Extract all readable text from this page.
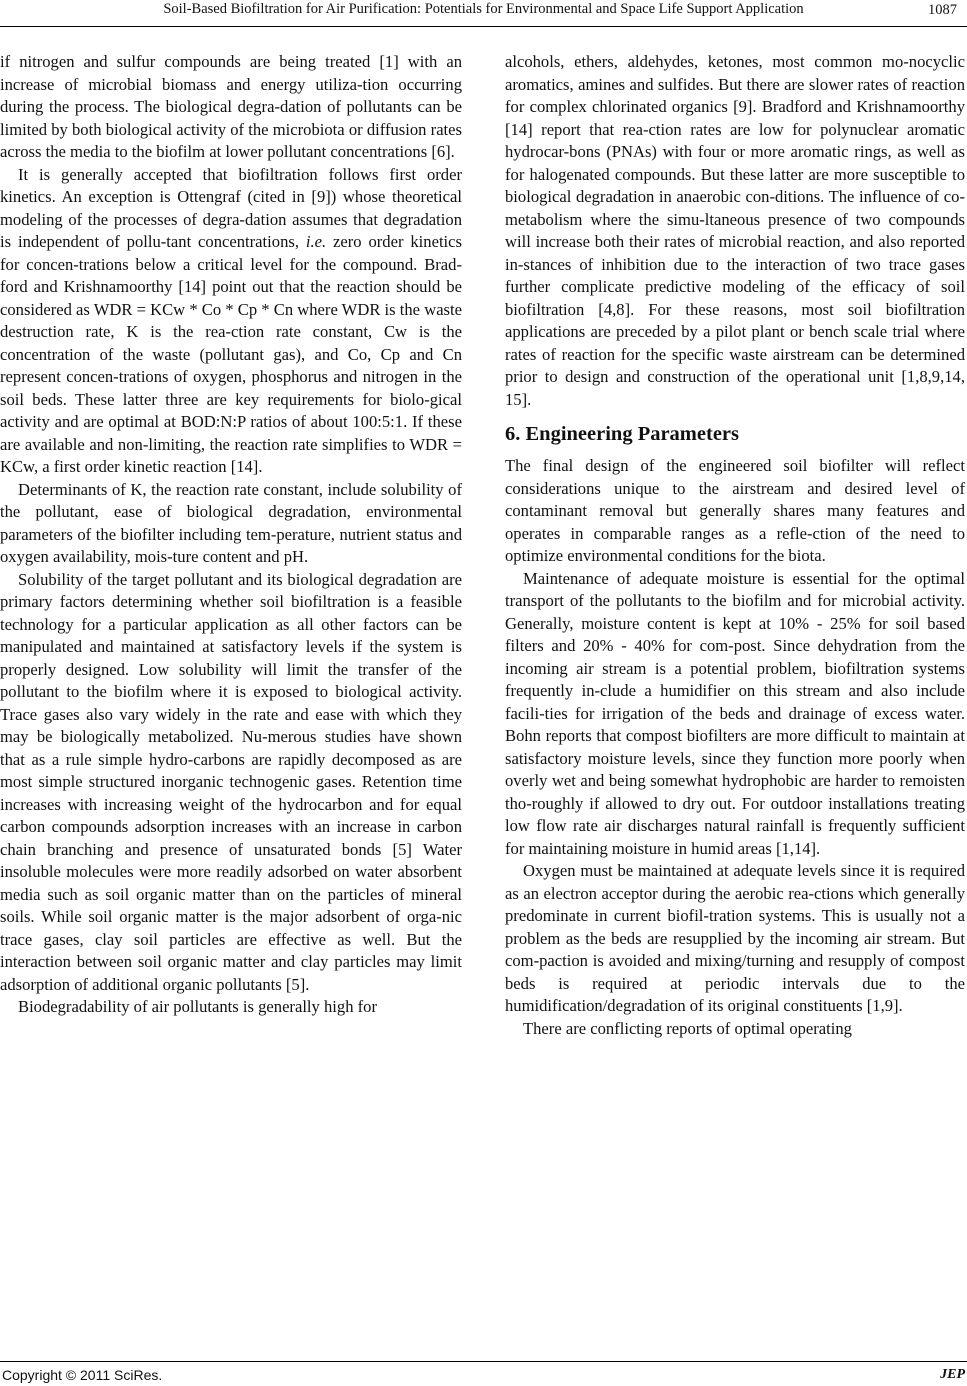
Soil-Based Biofiltration for Air Purification: Potentials for Environmental and Space Life Support Application	1087

if nitrogen and sulfur compounds are being treated [1] with an increase of microbial biomass and energy utiliza-tion occurring during the process. The biological degra-dation of pollutants can be limited by both biological activity of the microbiota or diffusion rates across the media to the biofilm at lower pollutant concentrations [6].

It is generally accepted that biofiltration follows first order kinetics. An exception is Ottengraf (cited in [9]) whose theoretical modeling of the processes of degra-dation assumes that degradation is independent of pollu-tant concentrations, i.e. zero order kinetics for concen-trations below a critical level for the compound. Brad-ford and Krishnamoorthy [14] point out that the reaction should be considered as WDR = KCw * Co * Cp * Cn where WDR is the waste destruction rate, K is the rea-ction rate constant, Cw is the concentration of the waste (pollutant gas), and Co, Cp and Cn represent concen-trations of oxygen, phosphorus and nitrogen in the soil beds. These latter three are key requirements for biolo-gical activity and are optimal at BOD:N:P ratios of about 100:5:1. If these are available and non-limiting, the reaction rate simplifies to WDR = KCw, a first order kinetic reaction [14].

Determinants of K, the reaction rate constant, include solubility of the pollutant, ease of biological degradation, environmental parameters of the biofilter including tem-perature, nutrient status and oxygen availability, mois-ture content and pH.

Solubility of the target pollutant and its biological degradation are primary factors determining whether soil biofiltration is a feasible technology for a particular application as all other factors can be manipulated and maintained at satisfactory levels if the system is properly designed. Low solubility will limit the transfer of the pollutant to the biofilm where it is exposed to biological activity. Trace gases also vary widely in the rate and ease with which they may be biologically metabolized. Nu-merous studies have shown that as a rule simple hydro-carbons are rapidly decomposed as are most simple structured inorganic technogenic gases. Retention time increases with increasing weight of the hydrocarbon and for equal carbon compounds adsorption increases with an increase in carbon chain branching and presence of unsaturated bonds [5] Water insoluble molecules were more readily adsorbed on water absorbent media such as soil organic matter than on the particles of mineral soils. While soil organic matter is the major adsorbent of orga-nic trace gases, clay soil particles are effective as well. But the interaction between soil organic matter and clay particles may limit adsorption of additional organic pollutants [5].

Biodegradability of air pollutants is generally high for

alcohols, ethers, aldehydes, ketones, most common mo-nocyclic aromatics, amines and sulfides. But there are slower rates of reaction for complex chlorinated organics [9]. Bradford and Krishnamoorthy [14] report that rea-ction rates are low for polynuclear aromatic hydrocar-bons (PNAs) with four or more aromatic rings, as well as for halogenated compounds. But these latter are more susceptible to biological degradation in anaerobic con-ditions. The influence of co-metabolism where the simu-ltaneous presence of two compounds will increase both their rates of microbial reaction, and also reported in-stances of inhibition due to the interaction of two trace gases further complicate predictive modeling of the efficacy of soil biofiltration [4,8]. For these reasons, most soil biofiltration applications are preceded by a pilot plant or bench scale trial where rates of reaction for the specific waste airstream can be determined prior to design and construction of the operational unit [1,8,9,14, 15].

6. Engineering Parameters

The final design of the engineered soil biofilter will reflect considerations unique to the airstream and desired level of contaminant removal but generally shares many features and operates in comparable ranges as a refle-ction of the need to optimize environmental conditions for the biota.

Maintenance of adequate moisture is essential for the optimal transport of the pollutants to the biofilm and for microbial activity. Generally, moisture content is kept at 10% - 25% for soil based filters and 20% - 40% for com-post. Since dehydration from the incoming air stream is a potential problem, biofiltration systems frequently in-clude a humidifier on this stream and also include facili-ties for irrigation of the beds and drainage of excess water. Bohn reports that compost biofilters are more difficult to maintain at satisfactory moisture levels, since they function more poorly when overly wet and being somewhat hydrophobic are harder to remoisten tho-roughly if allowed to dry out. For outdoor installations treating low flow rate air discharges natural rainfall is frequently sufficient for maintaining moisture in humid areas [1,14].

Oxygen must be maintained at adequate levels since it is required as an electron acceptor during the aerobic rea-ctions which generally predominate in current biofil-tration systems. This is usually not a problem as the beds are resupplied by the incoming air stream. But com-paction is avoided and mixing/turning and resupply of compost beds is required at periodic intervals due to the humidification/degradation of its original constituents [1,9].

There are conflicting reports of optimal operating

Copyright © 2011 SciRes.	JEP
